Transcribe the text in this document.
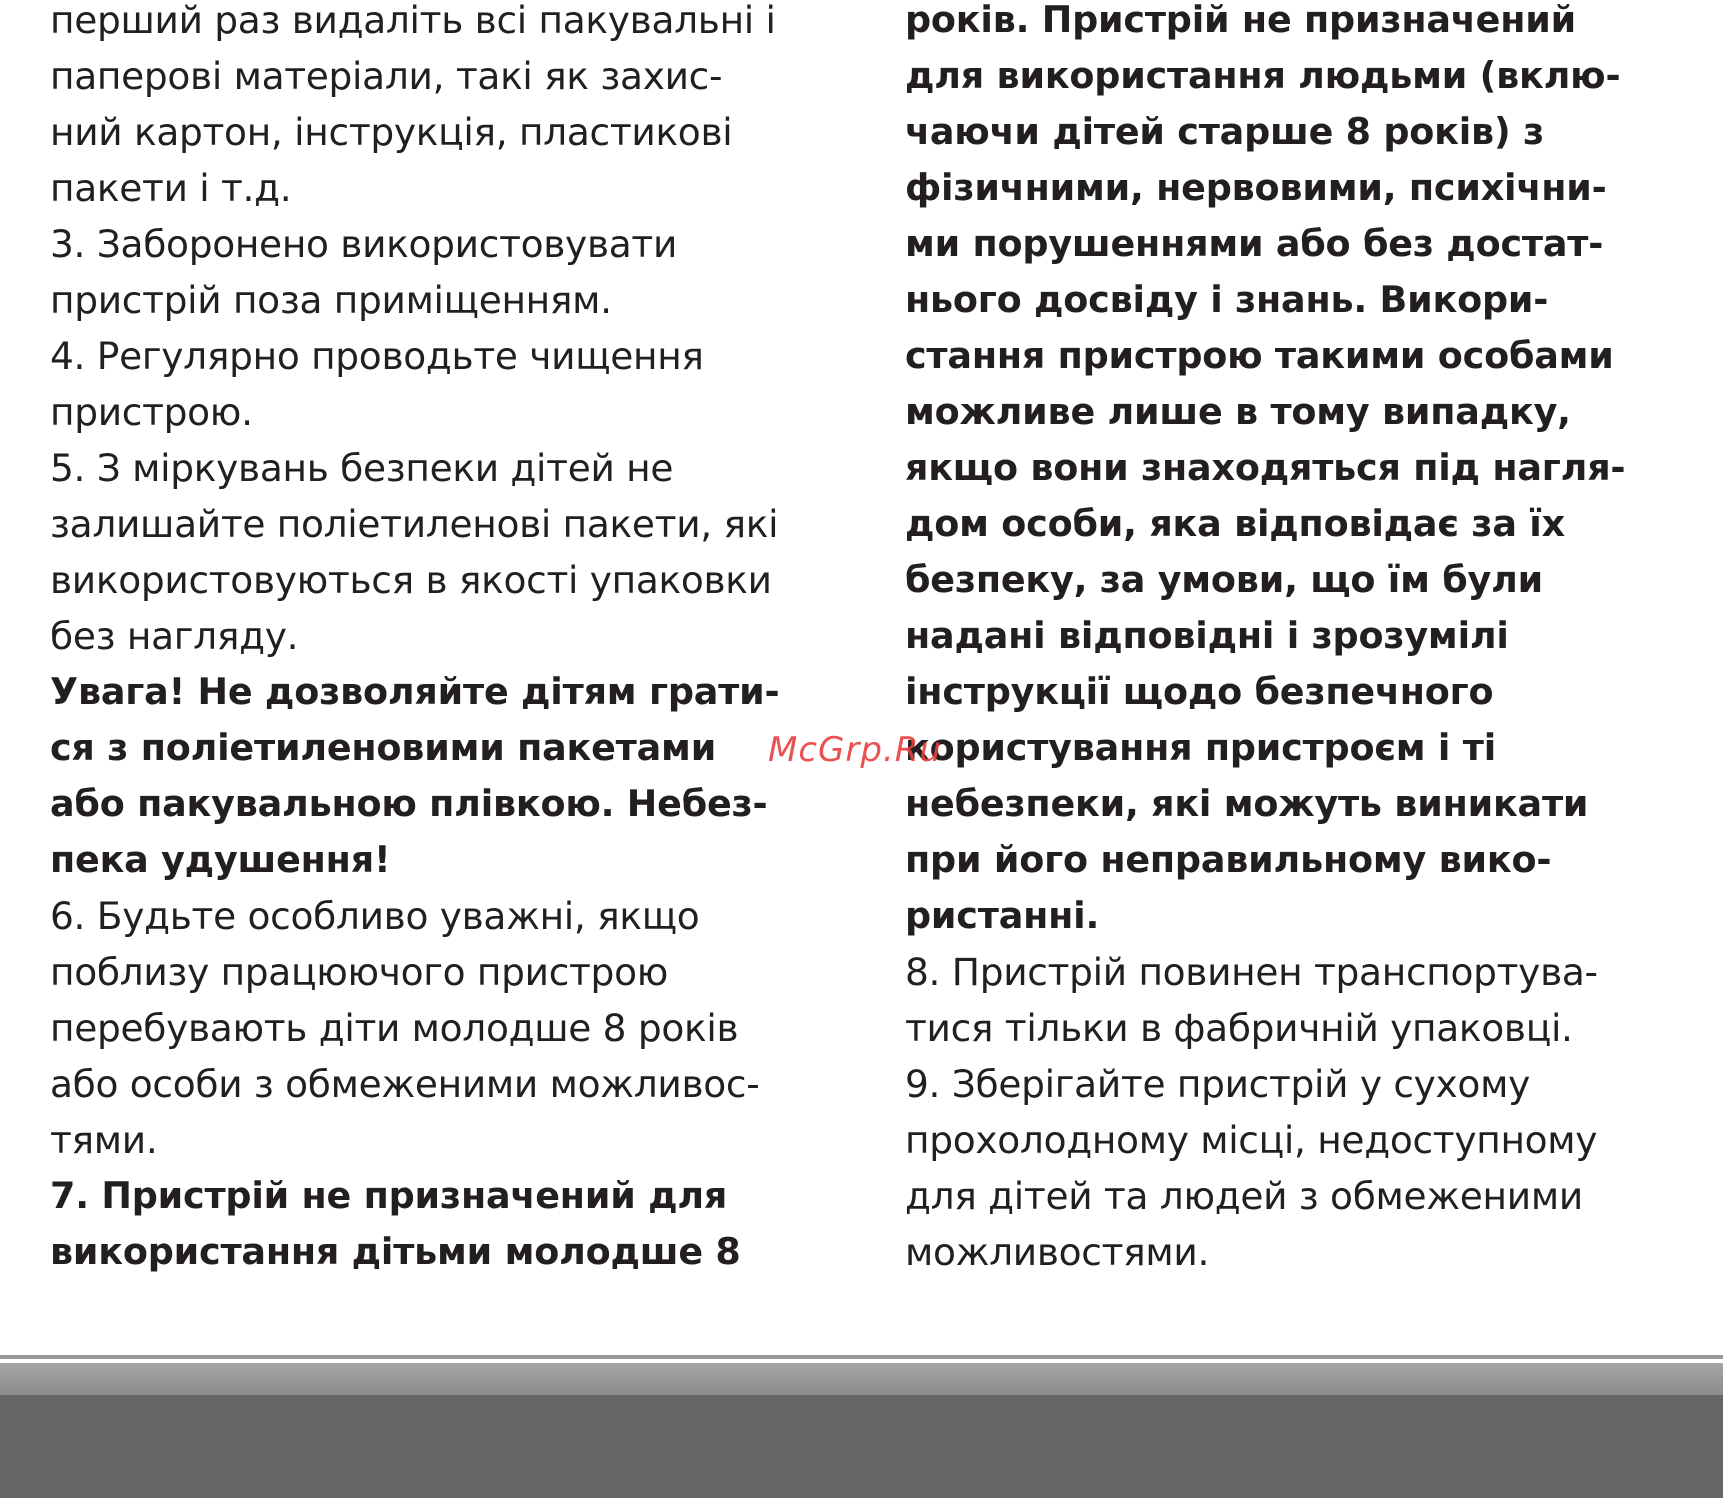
перший раз видаліть всі пакувальні і
паперові матеріали, такі як захис-
ний картон, інструкція, пластикові
пакети і т.д.
3. Заборонено використовувати
пристрій поза приміщенням.
4. Регулярно проводьте чищення
пристрою.
5. З міркувань безпеки дітей не
залишайте поліетиленові пакети, які
використовуються в якості упаковки
без нагляду.
Увага! Не дозволяйте дітям грати-
ся з поліетиленовими пакетами
або пакувальною плівкою. Небез-
пека удушення!
6. Будьте особливо уважні, якщо
поблизу працюючого пристрою
перебувають діти молодше 8 років
або особи з обмеженими можливос-
тями.
7. Пристрій не призначений для
використання дітьми молодше 8
років. Пристрій не призначений
для використання людьми (вклю-
чаючи дітей старше 8 років) з
фізичними, нервовими, психічни-
ми порушеннями або без достат-
нього досвіду і знань. Викори-
стання пристрою такими особами
можливе лише в тому випадку,
якщо вони знаходяться під нагля-
дом особи, яка відповідає за їх
безпеку, за умови, що їм були
надані відповідні і зрозумілі
інструкції щодо безпечного
користування пристроєм і ті
небезпеки, які можуть виникати
при його неправильному вико-
ристанні.
8. Пристрій повинен транспортува-
тися тільки в фабричній упаковці.
9. Зберігайте пристрій у сухому
прохолодному місці, недоступному
для дітей та людей з обмеженими
можливостями.
McGrp.Ru
